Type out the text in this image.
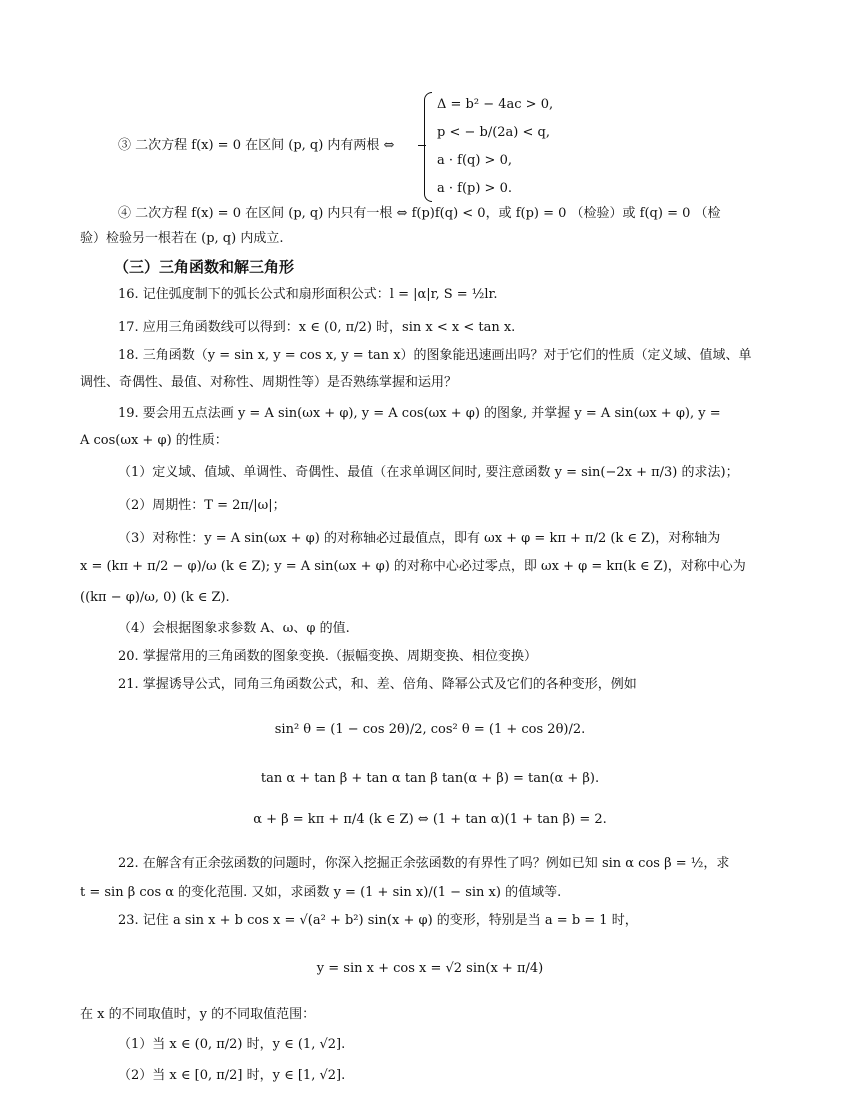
③ 二次方程 f(x) = 0 在区间 (p, q) 内有两根 ⇔
Δ = b² − 4ac > 0,
p < − b/(2a) < q,
a · f(q) > 0,
a · f(p) > 0.
④ 二次方程 f(x) = 0 在区间 (p, q) 内只有一根 ⇔ f(p)f(q) < 0，或 f(p) = 0 （检验）或 f(q) = 0 （检
验）检验另一根若在 (p, q) 内成立.
（三）三角函数和解三角形
16. 记住弧度制下的弧长公式和扇形面积公式：l = |α|r, S = ½lr.
17. 应用三角函数线可以得到：x ∈ (0, π/2) 时，sin x < x < tan x.
18. 三角函数（y = sin x, y = cos x, y = tan x）的图象能迅速画出吗？对于它们的性质（定义域、值域、单
调性、奇偶性、最值、对称性、周期性等）是否熟练掌握和运用？
19. 要会用五点法画 y = A sin(ωx + φ), y = A cos(ωx + φ) 的图象, 并掌握 y = A sin(ωx + φ), y =
A cos(ωx + φ) 的性质：
（1）定义域、值域、单调性、奇偶性、最值（在求单调区间时, 要注意函数 y = sin(−2x + π/3) 的求法)；
（2）周期性：T = 2π/|ω|；
（3）对称性：y = A sin(ωx + φ) 的对称轴必过最值点，即有 ωx + φ = kπ + π/2 (k ∈ Z)，对称轴为
x = (kπ + π/2 − φ)/ω (k ∈ Z); y = A sin(ωx + φ) 的对称中心必过零点，即 ωx + φ = kπ(k ∈ Z)，对称中心为
((kπ − φ)/ω, 0) (k ∈ Z).
（4）会根据图象求参数 A、ω、φ 的值.
20. 掌握常用的三角函数的图象变换.（振幅变换、周期变换、相位变换）
21. 掌握诱导公式，同角三角函数公式，和、差、倍角、降幂公式及它们的各种变形，例如
sin² θ = (1 − cos 2θ)/2, cos² θ = (1 + cos 2θ)/2.
tan α + tan β + tan α tan β tan(α + β) = tan(α + β).
α + β = kπ + π/4 (k ∈ Z) ⇔ (1 + tan α)(1 + tan β) = 2.
22. 在解含有正余弦函数的问题时，你深入挖掘正余弦函数的有界性了吗？例如已知 sin α cos β = ½，求
t = sin β cos α 的变化范围. 又如，求函数 y = (1 + sin x)/(1 − sin x) 的值域等.
23. 记住 a sin x + b cos x = √(a² + b²) sin(x + φ) 的变形，特别是当 a = b = 1 时，
y = sin x + cos x = √2 sin(x + π/4)
在 x 的不同取值时，y 的不同取值范围：
（1）当 x ∈ (0, π/2) 时，y ∈ (1, √2].
（2）当 x ∈ [0, π/2] 时，y ∈ [1, √2].
